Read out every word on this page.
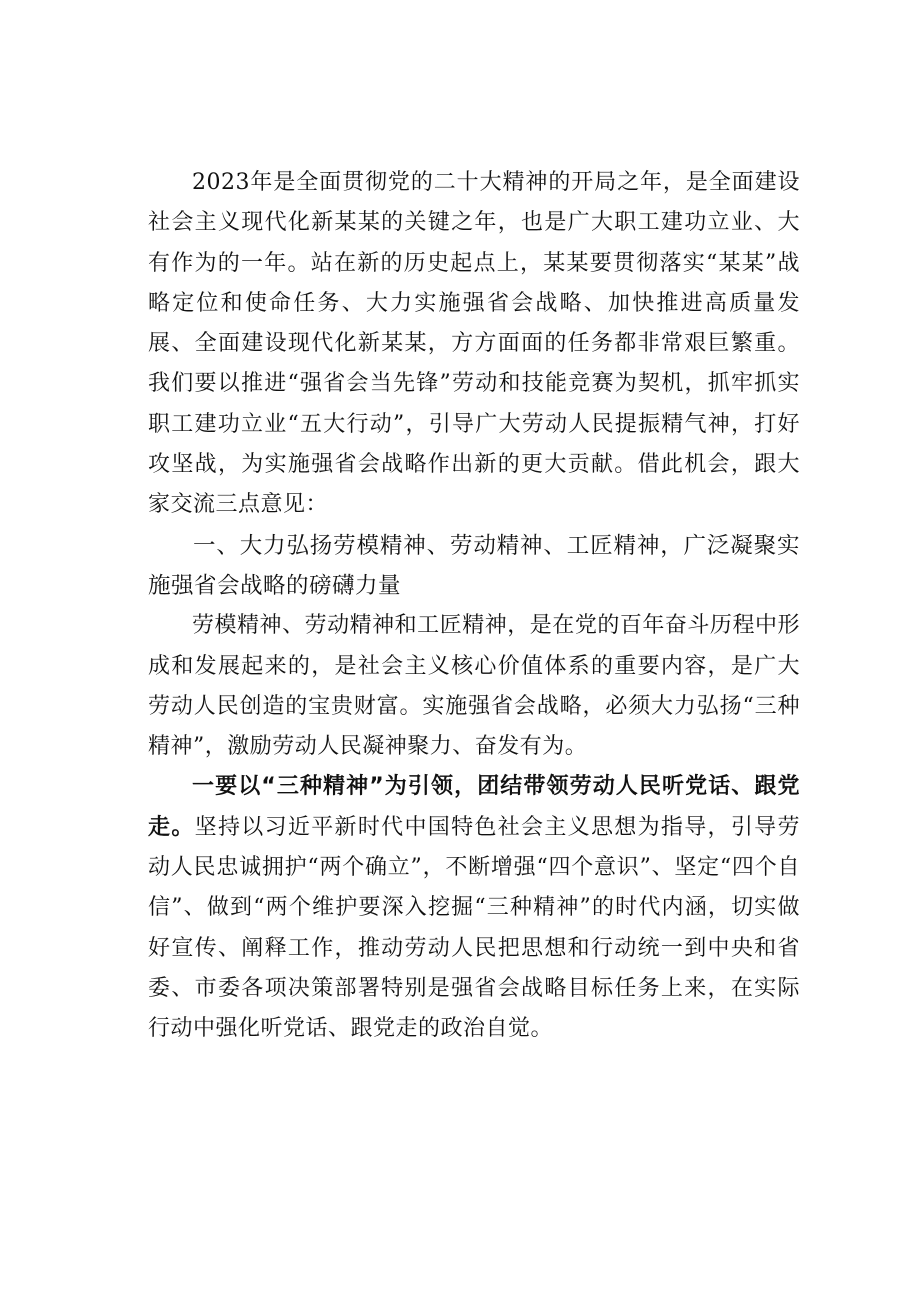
2023年是全面贯彻党的二十大精神的开局之年，是全面建设社会主义现代化新某某的关键之年，也是广大职工建功立业、大有作为的一年。站在新的历史起点上，某某要贯彻落实“某某”战略定位和使命任务、大力实施强省会战略、加快推进高质量发展、全面建设现代化新某某，方方面面的任务都非常艰巨繁重。我们要以推进“强省会当先锋”劳动和技能竞赛为契机，抓牢抓实职工建功立业“五大行动”，引导广大劳动人民提振精气神，打好攻坚战，为实施强省会战略作出新的更大贡献。借此机会，跟大家交流三点意见：

一、大力弘扬劳模精神、劳动精神、工匠精神，广泛凝聚实施强省会战略的磅礴力量

劳模精神、劳动精神和工匠精神，是在党的百年奋斗历程中形成和发展起来的，是社会主义核心价值体系的重要内容，是广大劳动人民创造的宝贵财富。实施强省会战略，必须大力弘扬“三种精神”，激励劳动人民凝神聚力、奋发有为。

一要以“三种精神”为引领，团结带领劳动人民听党话、跟党走。坚持以习近平新时代中国特色社会主义思想为指导，引导劳动人民忠诚拥护“两个确立”，不断增强“四个意识”、坚定“四个自信”、做到“两个维护要深入挖掘“三种精神”的时代内涵，切实做好宣传、阐释工作，推动劳动人民把思想和行动统一到中央和省委、市委各项决策部署特别是强省会战略目标任务上来，在实际行动中强化听党话、跟党走的政治自觉。
